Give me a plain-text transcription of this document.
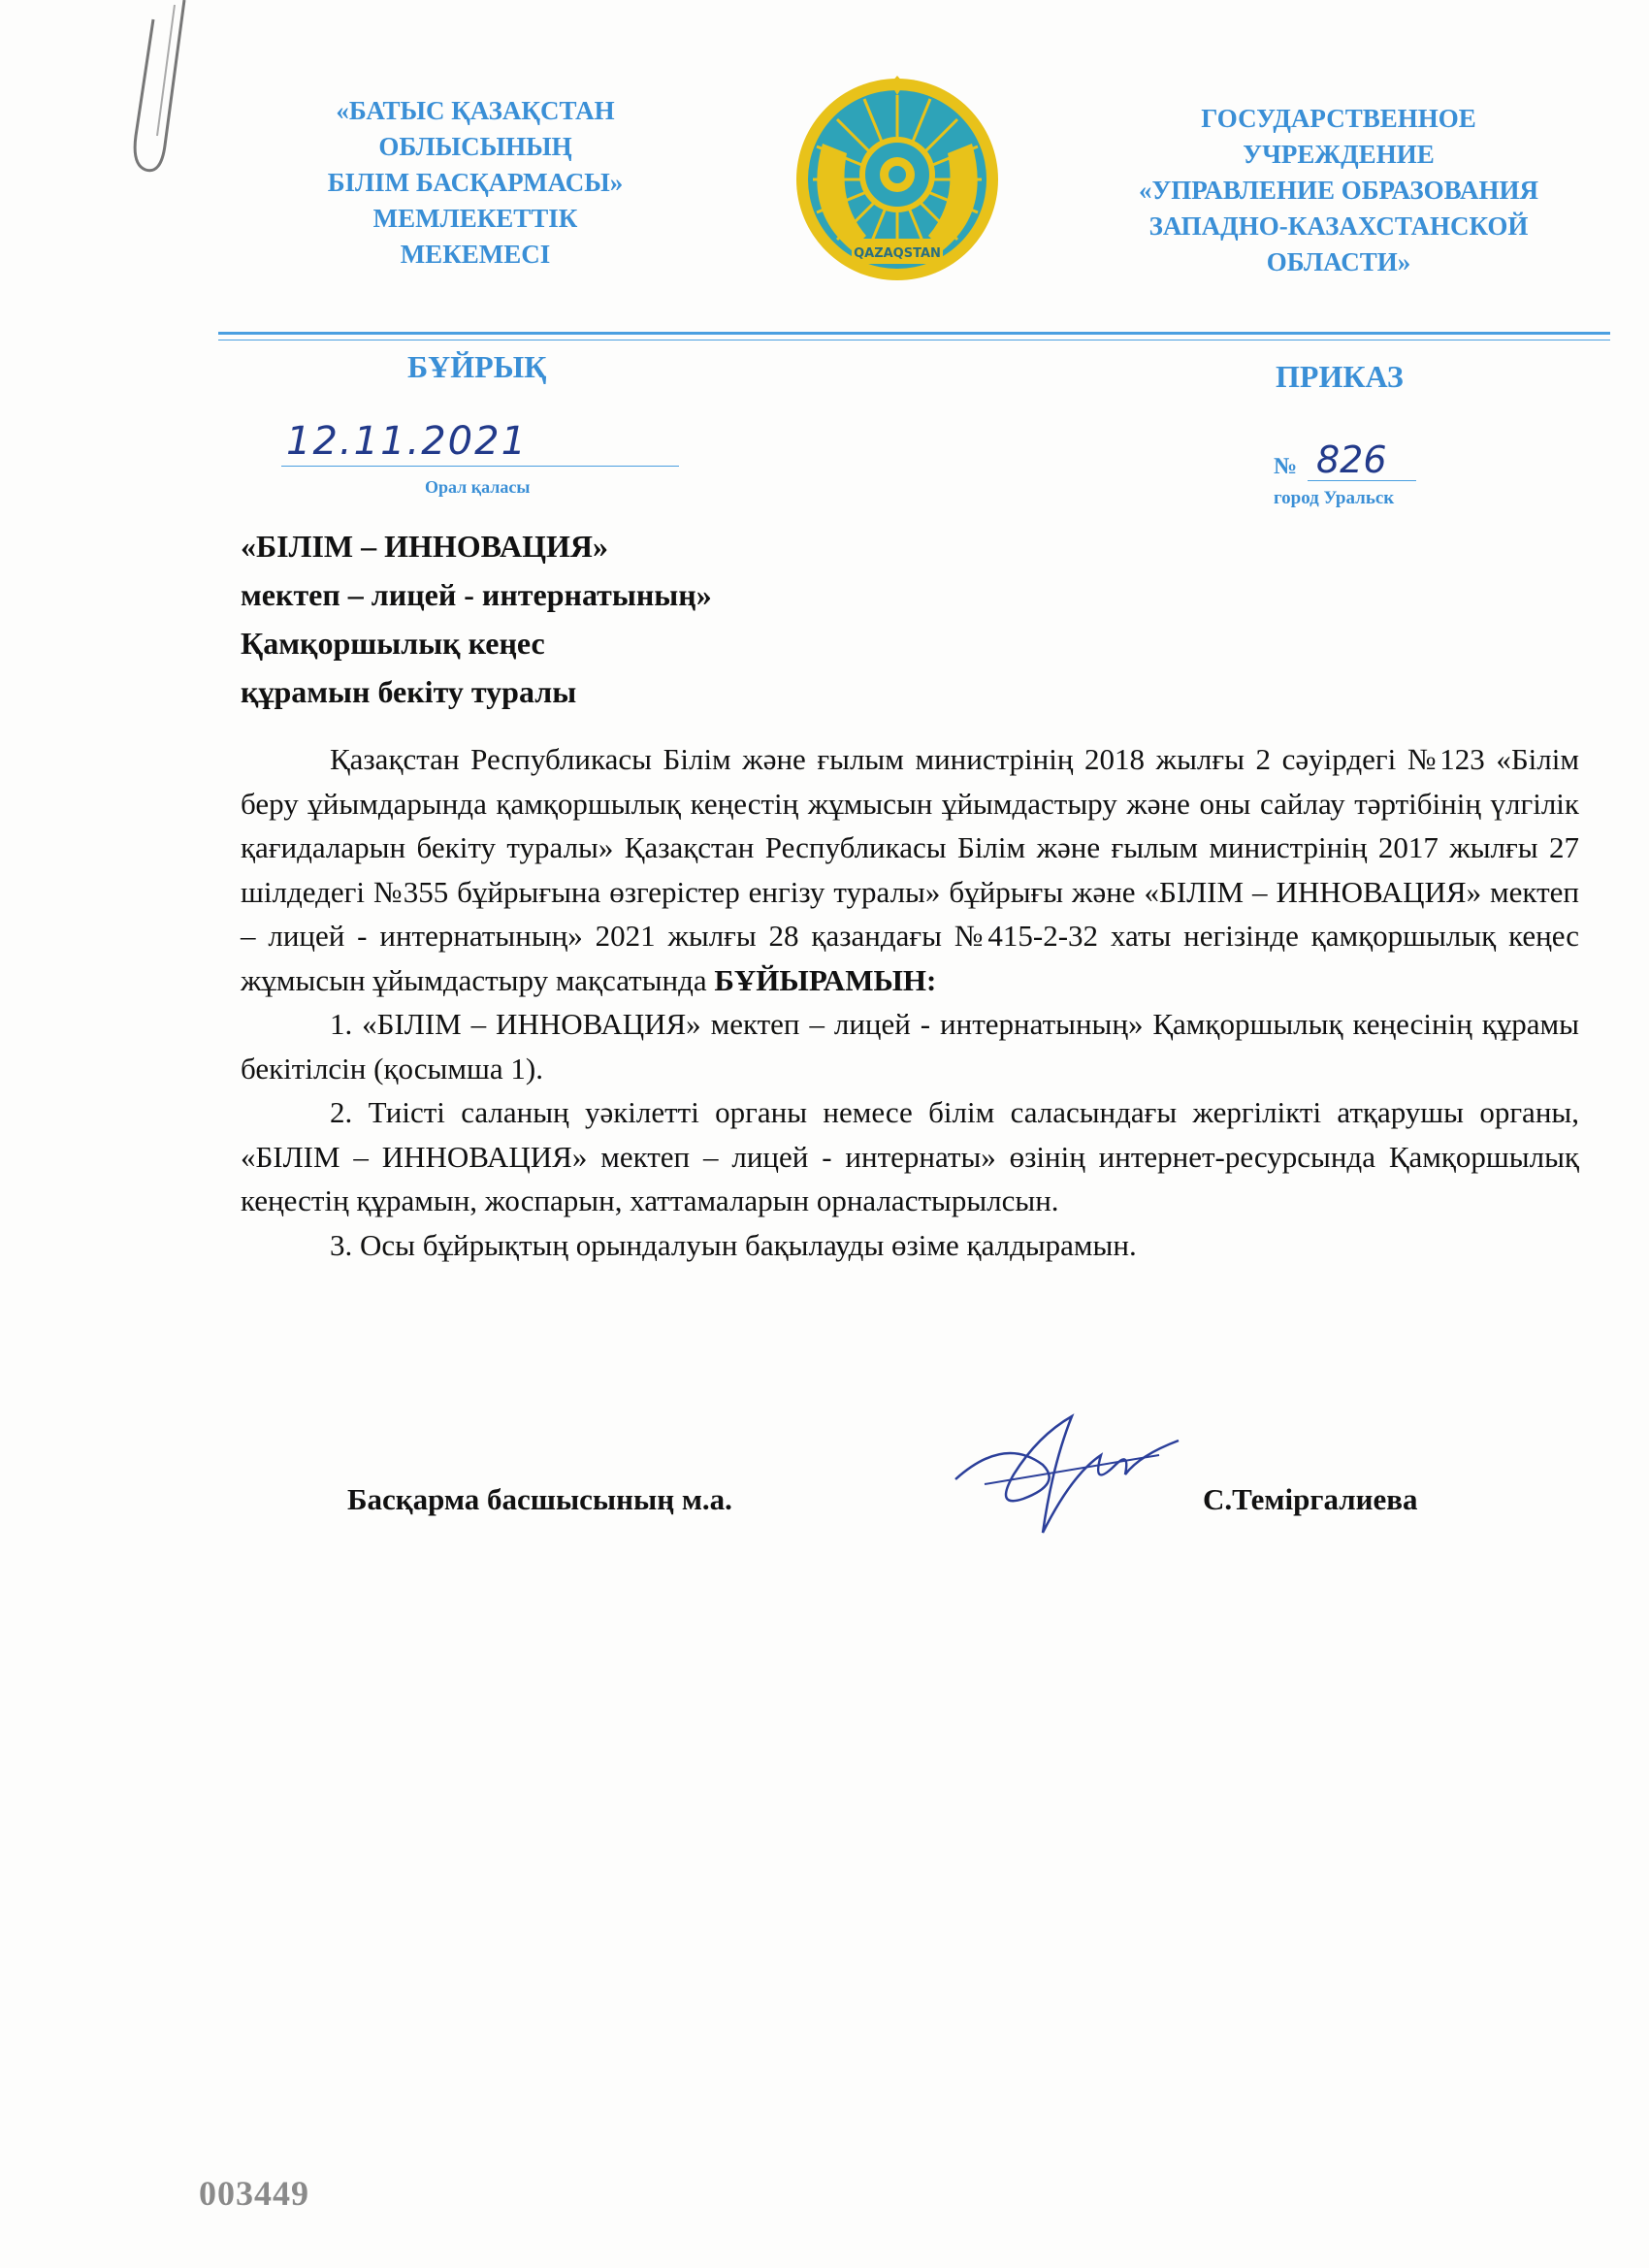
«БАТЫС ҚАЗАҚСТАН
ОБЛЫСЫНЫҢ
БІЛІМ БАСҚАРМАСЫ»
МЕМЛЕКЕТТІК
МЕКЕМЕСІ	QAZAQSTAN
ГОСУДАРСТВЕННОЕ
УЧРЕЖДЕНИЕ
«УПРАВЛЕНИЕ ОБРАЗОВАНИЯ
ЗАПАДНО-КАЗАХСТАНСКОЙ
ОБЛАСТИ»
БҰЙРЫҚ	ПРИКАЗ
12.11.2021
Орал қаласы
№ 826
город Уральск
«БІЛІМ – ИННОВАЦИЯ»
мектеп – лицей - интернатының»
Қамқоршылық кеңес
құрамын бекіту туралы

Қазақстан Республикасы Білім және ғылым министрінің 2018 жылғы 2 сәуірдегі №123 «Білім беру ұйымдарында қамқоршылық кеңестің жұмысын ұйымдастыру және оны сайлау тәртібінің үлгілік қағидаларын бекіту туралы» Қазақстан Республикасы Білім және ғылым министрінің 2017 жылғы 27 шілдедегі №355 бұйрығына өзгерістер енгізу туралы» бұйрығы және «БІЛІМ – ИННОВАЦИЯ» мектеп – лицей - интернатының» 2021 жылғы 28 қазандағы №415-2-32 хаты негізінде қамқоршылық кеңес жұмысын ұйымдастыру мақсатында БҰЙЫРАМЫН:

1. «БІЛІМ – ИННОВАЦИЯ» мектеп – лицей - интернатының» Қамқоршылық кеңесінің құрамы бекітілсін (қосымша 1).

2. Тиісті саланың уәкілетті органы немесе білім саласындағы жергілікті атқарушы органы, «БІЛІМ – ИННОВАЦИЯ» мектеп – лицей - интернаты» өзінің интернет-ресурсында Қамқоршылық кеңестің құрамын, жоспарын, хаттамаларын орналастырылсын.

3. Осы бұйрықтың орындалуын бақылауды өзіме қалдырамын.

Басқарма басшысының м.а.	С.Теміргалиева
003449
